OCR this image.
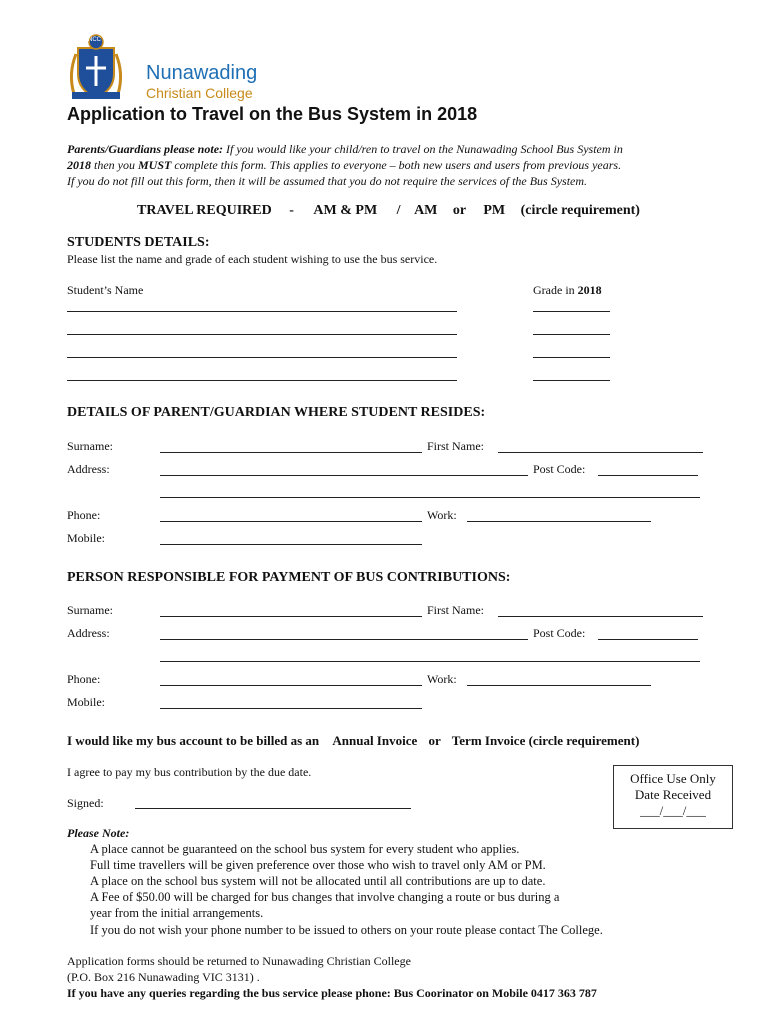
NCC
Nunawading
Christian College
Application to Travel on the Bus System in 2018
Parents/Guardians please note: If you would like your child/ren to travel on the Nunawading School Bus System in
2018 then you MUST complete this form. This applies to everyone – both new users and users from previous years.
If you do not fill out this form, then it will be assumed that you do not require the services of the Bus System.
TRAVEL REQUIRED - AM & PM / AM or PM (circle requirement)
STUDENTS DETAILS:
Please list the name and grade of each student wishing to use the bus service.
Student’s Name	Grade in 2018
DETAILS OF PARENT/GUARDIAN WHERE STUDENT RESIDES:
Surname:	First Name:
Address:	Post Code:
Phone:	Work:
Mobile:
PERSON RESPONSIBLE FOR PAYMENT OF BUS CONTRIBUTIONS:
Surname:	First Name:
Address:	Post Code:
Phone:	Work:
Mobile:
I would like my bus account to be billed as an Annual Invoice or Term Invoice (circle requirement)
I agree to pay my bus contribution by the due date.
Signed:
Office Use Only
Date Received
___/___/___
Please Note:
A place cannot be guaranteed on the school bus system for every student who applies.
Full time travellers will be given preference over those who wish to travel only AM or PM.
A place on the school bus system will not be allocated until all contributions are up to date.
A Fee of $50.00 will be charged for bus changes that involve changing a route or bus during a
year from the initial arrangements.
If you do not wish your phone number to be issued to others on your route please contact The College.
Application forms should be returned to Nunawading Christian College
(P.O. Box 216 Nunawading VIC 3131) .
If you have any queries regarding the bus service please phone: Bus Coorinator on Mobile 0417 363 787
